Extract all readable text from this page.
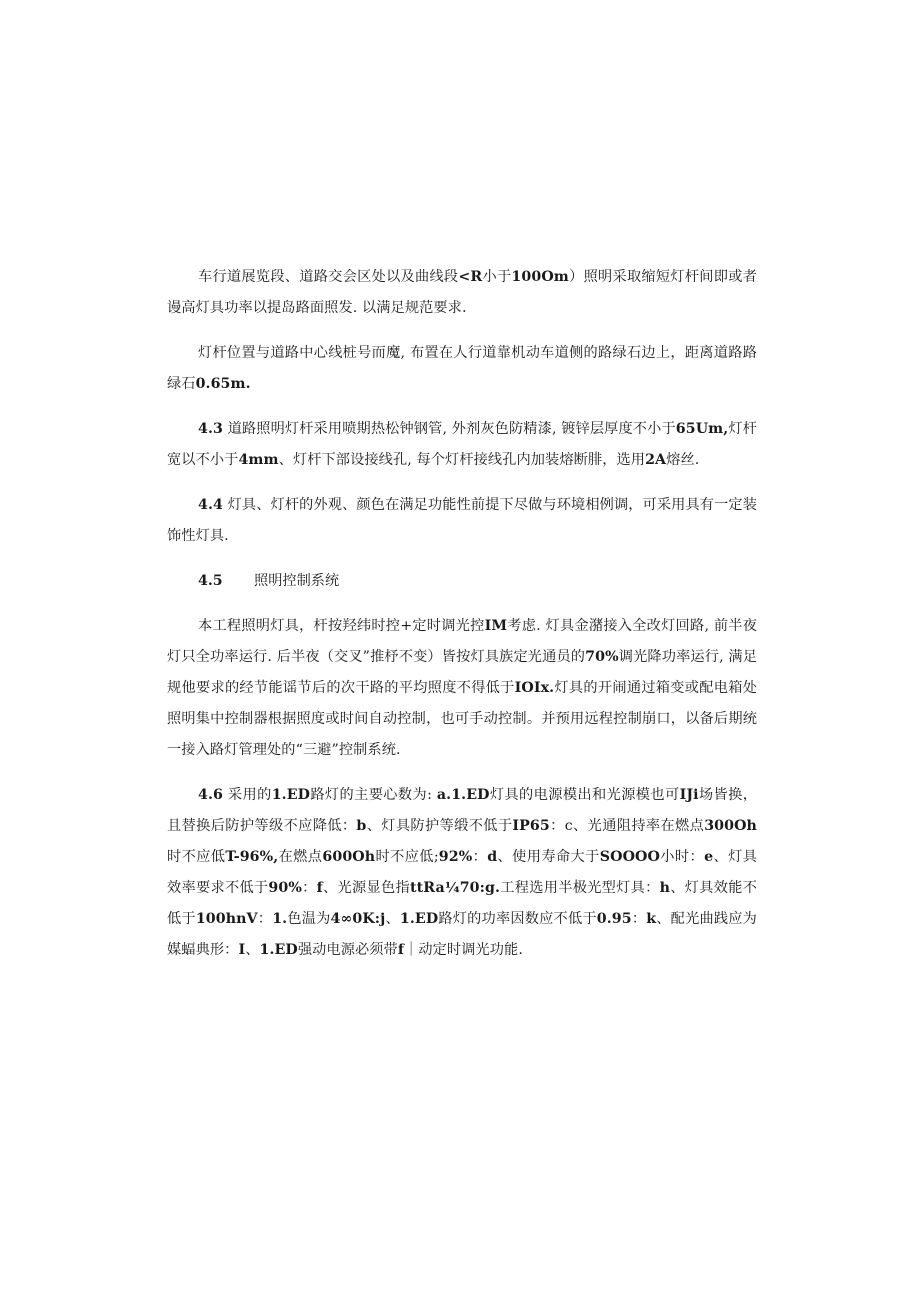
车行道展览段、道路交会区处以及曲线段<R小于100Om）照明采取缩短灯杆间即或者谩高灯具功率以提岛路面照发. 以满足规范要求.

灯杆位置与道路中心线桩号而魔, 布置在人行道靠机动车道侧的路绿石边上，距离道路路绿石0.65m.

4.3 道路照明灯杆采用喷期热松钟钢管, 外剂灰色防精漆, 镀锌层厚度不小于65Um,灯杆宽以不小于4mm、灯杆下部设接线孔, 每个灯杆接线孔内加装熔断腓，选用2A熔丝.

4.4 灯具、灯杆的外观、颜色在满足功能性前提下尽做与环境相例调，可采用具有一定装饰性灯具.

4.5 照明控制系统

本工程照明灯具，杆按羟纬时控+定时调光控IM考虑. 灯具金潴接入全改灯回路, 前半夜灯只全功率运行. 后半夜（交叉”推杼不变）皆按灯具族定光通员的70%调光降功率运行, 满足规他要求的经节能谣节后的次干路的平均照度不得低于IOIx.灯具的开闹通过箱变或配电箱处照明集中控制器根据照度或时间自动控制，也可手动控制。并预用远程控制崩口，以备后期统一接入路灯管理处的“三避”控制系统.

4.6 采用的1.ED路灯的主要心数为: a.1.ED灯具的电源模出和光源模也可IJi场皆换，且替换后防护等级不应降低：b、灯具防护等缎不低于IP65：c、光通阻持率在燃点300Oh时不应低T-96%,在燃点600Oh时不应低;92%：d、使用寿命大于SOOOO小时：e、灯具效率要求不低于90%：f、光源显色指ttRa¼70:g.工程选用半极光型灯具：h、灯具效能不低于100hnV：1.色温为4∞0K:j、1.ED路灯的功率因数应不低于0.95：k、配光曲践应为媒蝠典形：I、1.ED强动电源必须带f｜动定时调光功能.
